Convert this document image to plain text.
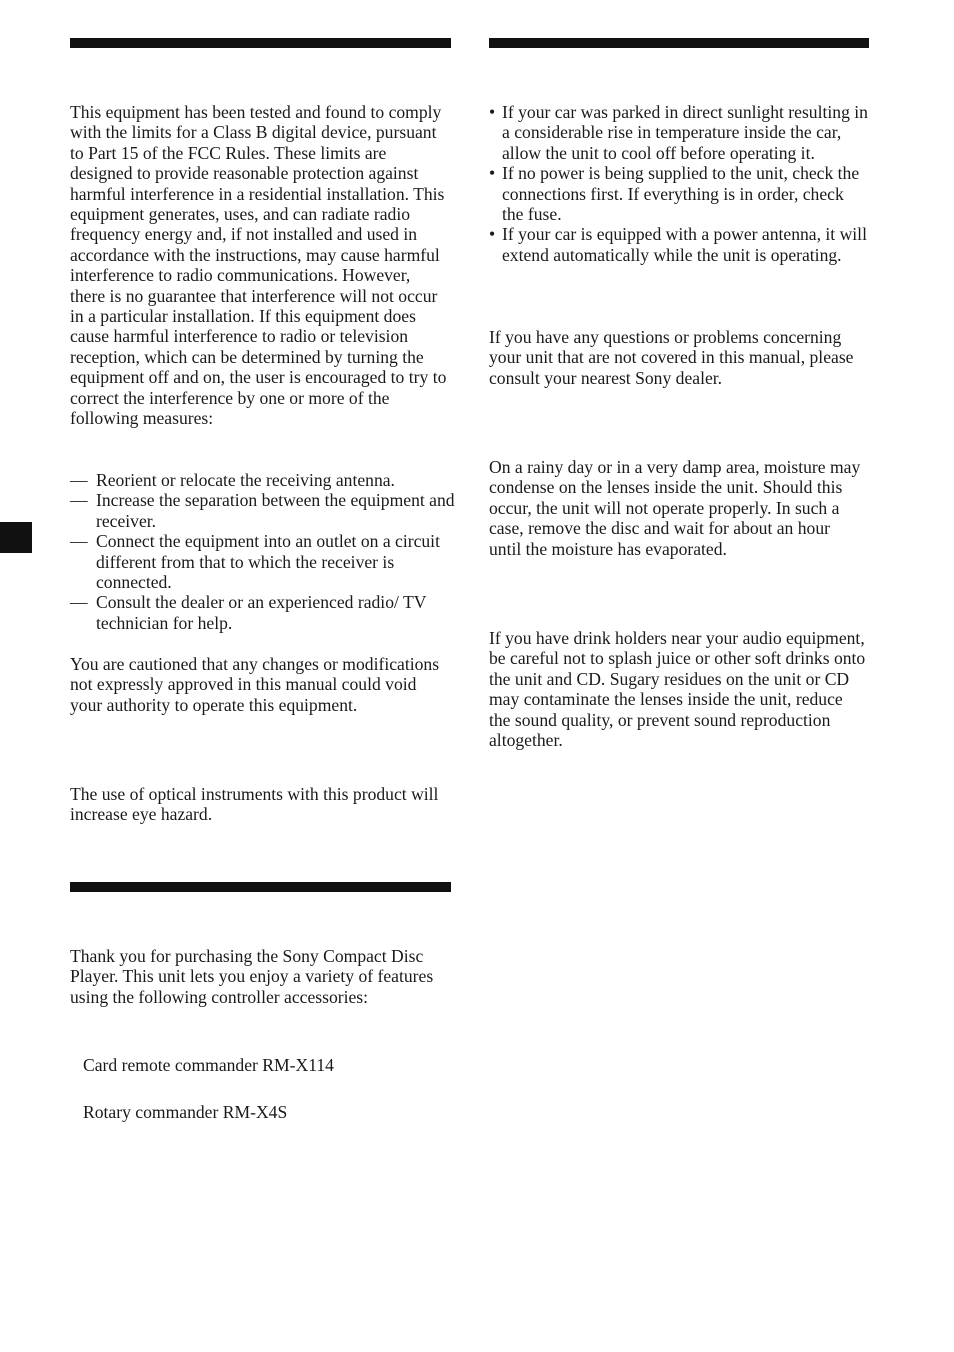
This equipment has been tested and found to comply with the limits for a Class B digital device, pursuant to Part 15 of the FCC Rules. These limits are designed to provide reasonable protection against harmful interference in a residential installation. This equipment generates, uses, and can radiate radio frequency energy and, if not installed and used in accordance with the instructions, may cause harmful interference to radio communications. However, there is no guarantee that interference will not occur in a particular installation. If this equipment does cause harmful interference to radio or television reception, which can be determined by turning the equipment off and on, the user is encouraged to try to correct the interference by one or more of the following measures:

— Reorient or relocate the receiving antenna.
— Increase the separation between the equipment and receiver.
— Connect the equipment into an outlet on a circuit different from that to which the receiver is connected.
— Consult the dealer or an experienced radio/ TV technician for help.

You are cautioned that any changes or modifications not expressly approved in this manual could void your authority to operate this equipment.

The use of optical instruments with this product will increase eye hazard.

Thank you for purchasing the Sony Compact Disc Player. This unit lets you enjoy a variety of features using the following controller accessories:

Card remote commander RM-X114

Rotary commander RM-X4S

• If your car was parked in direct sunlight resulting in a considerable rise in temperature inside the car, allow the unit to cool off before operating it.
• If no power is being supplied to the unit, check the connections first. If everything is in order, check the fuse.
• If your car is equipped with a power antenna, it will extend automatically while the unit is operating.

If you have any questions or problems concerning your unit that are not covered in this manual, please consult your nearest Sony dealer.

On a rainy day or in a very damp area, moisture may condense on the lenses inside the unit. Should this occur, the unit will not operate properly. In such a case, remove the disc and wait for about an hour until the moisture has evaporated.

If you have drink holders near your audio equipment, be careful not to splash juice or other soft drinks onto the unit and CD. Sugary residues on the unit or CD may contaminate the lenses inside the unit, reduce the sound quality, or prevent sound reproduction altogether.
